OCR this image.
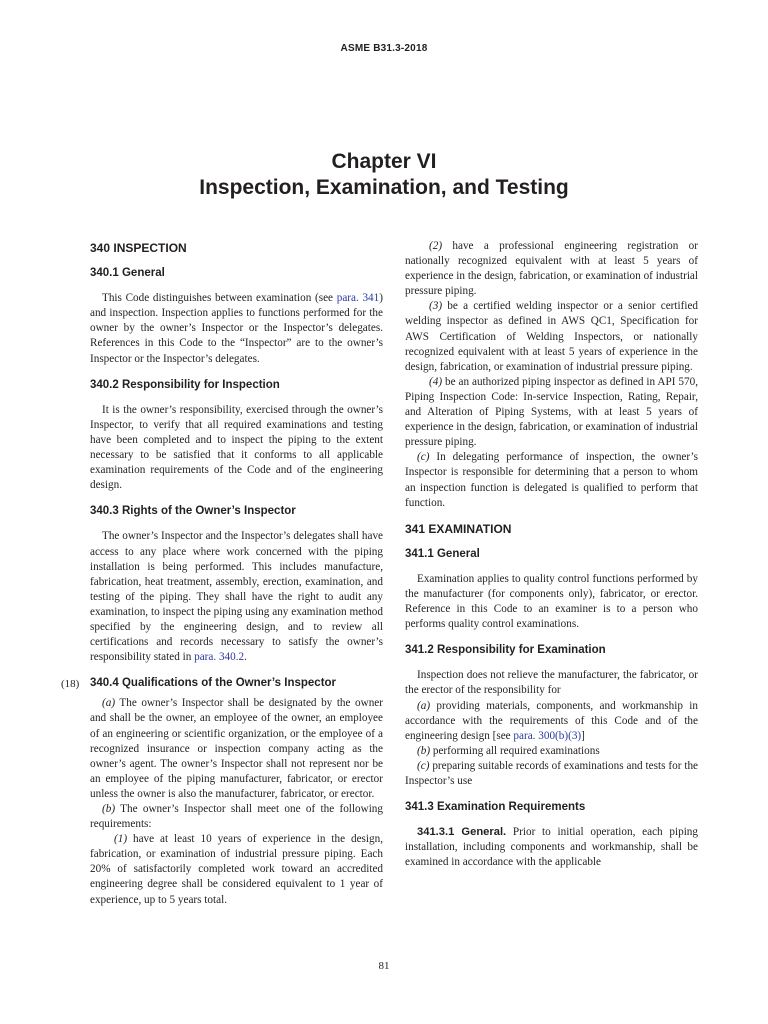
ASME B31.3-2018
Chapter VI
Inspection, Examination, and Testing
340 INSPECTION
340.1 General

This Code distinguishes between examination (see para. 341) and inspection. Inspection applies to functions performed for the owner by the owner’s Inspector or the Inspector’s delegates. References in this Code to the “Inspector” are to the owner’s Inspector or the Inspector’s delegates.

340.2 Responsibility for Inspection

It is the owner’s responsibility, exercised through the owner’s Inspector, to verify that all required examinations and testing have been completed and to inspect the piping to the extent necessary to be satisfied that it conforms to all applicable examination requirements of the Code and of the engineering design.

340.3 Rights of the Owner’s Inspector

The owner’s Inspector and the Inspector’s delegates shall have access to any place where work concerned with the piping installation is being performed. This includes manufacture, fabrication, heat treatment, assembly, erection, examination, and testing of the piping. They shall have the right to audit any examination, to inspect the piping using any examination method specified by the engineering design, and to review all certifications and records necessary to satisfy the owner’s responsibility stated in para. 340.2.

(18) 340.4 Qualifications of the Owner’s Inspector

(a) The owner’s Inspector shall be designated by the owner and shall be the owner, an employee of the owner, an employee of an engineering or scientific organization, or the employee of a recognized insurance or inspection company acting as the owner’s agent. The owner’s Inspector shall not represent nor be an employee of the piping manufacturer, fabricator, or erector unless the owner is also the manufacturer, fabricator, or erector.

(b) The owner’s Inspector shall meet one of the following requirements:

(1) have at least 10 years of experience in the design, fabrication, or examination of industrial pressure piping. Each 20% of satisfactorily completed work toward an accredited engineering degree shall be considered equivalent to 1 year of experience, up to 5 years total.

(2) have a professional engineering registration or nationally recognized equivalent with at least 5 years of experience in the design, fabrication, or examination of industrial pressure piping.

(3) be a certified welding inspector or a senior certified welding inspector as defined in AWS QC1, Specification for AWS Certification of Welding Inspectors, or nationally recognized equivalent with at least 5 years of experience in the design, fabrication, or examination of industrial pressure piping.

(4) be an authorized piping inspector as defined in API 570, Piping Inspection Code: In-service Inspection, Rating, Repair, and Alteration of Piping Systems, with at least 5 years of experience in the design, fabrication, or examination of industrial pressure piping.

(c) In delegating performance of inspection, the owner’s Inspector is responsible for determining that a person to whom an inspection function is delegated is qualified to perform that function.

341 EXAMINATION
341.1 General

Examination applies to quality control functions performed by the manufacturer (for components only), fabricator, or erector. Reference in this Code to an examiner is to a person who performs quality control examinations.

341.2 Responsibility for Examination

Inspection does not relieve the manufacturer, the fabricator, or the erector of the responsibility for

(a) providing materials, components, and workmanship in accordance with the requirements of this Code and of the engineering design [see para. 300(b)(3)]

(b) performing all required examinations

(c) preparing suitable records of examinations and tests for the Inspector’s use

341.3 Examination Requirements

341.3.1 General. Prior to initial operation, each piping installation, including components and workmanship, shall be examined in accordance with the applicable

81
